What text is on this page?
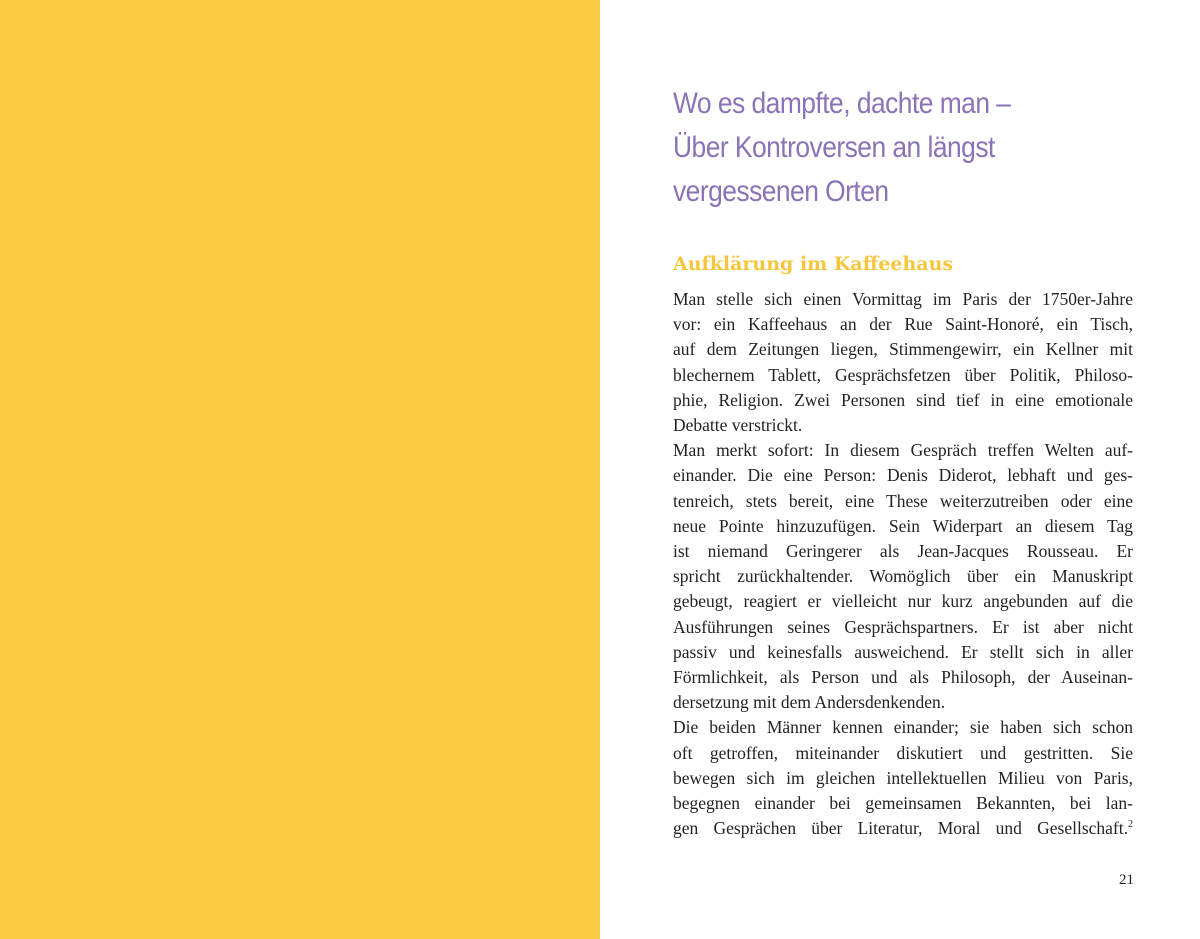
Wo es dampfte, dachte man –
Über Kontroversen an längst
vergessenen Orten
Aufklärung im Kaffeehaus

Man stelle sich einen Vormittag im Paris der 1750er-Jahre
vor: ein Kaffeehaus an der Rue Saint-Honoré, ein Tisch,
auf dem Zeitungen liegen, Stimmengewirr, ein Kellner mit
blechernem Tablett, Gesprächsfetzen über Politik, Philoso-
phie, Religion. Zwei Personen sind tief in eine emotionale
Debatte verstrickt.

Man merkt sofort: In diesem Gespräch treffen Welten auf-
einander. Die eine Person: Denis Diderot, lebhaft und ges-
tenreich, stets bereit, eine These weiterzutreiben oder eine
neue Pointe hinzuzufügen. Sein Widerpart an diesem Tag
ist niemand Geringerer als Jean-Jacques Rousseau. Er
spricht zurückhaltender. Womöglich über ein Manuskript
gebeugt, reagiert er vielleicht nur kurz angebunden auf die
Ausführungen seines Gesprächspartners. Er ist aber nicht
passiv und keinesfalls ausweichend. Er stellt sich in aller
Förmlichkeit, als Person und als Philosoph, der Auseinan-
dersetzung mit dem Andersdenkenden.

Die beiden Männer kennen einander; sie haben sich schon
oft getroffen, miteinander diskutiert und gestritten. Sie
bewegen sich im gleichen intellektuellen Milieu von Paris,
begegnen einander bei gemeinsamen Bekannten, bei lan-
gen Gesprächen über Literatur, Moral und Gesellschaft.$^2$

21
